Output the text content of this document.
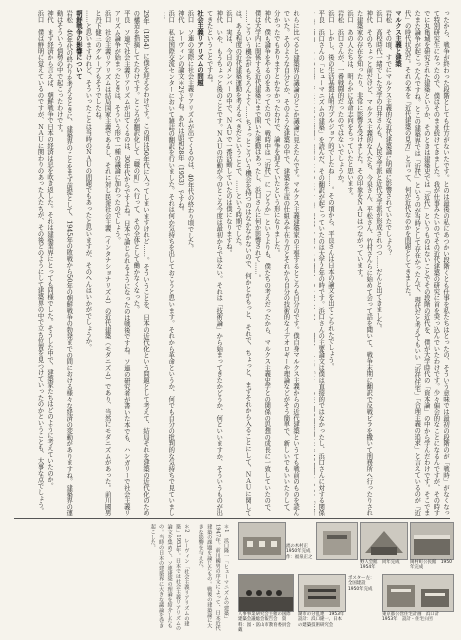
ったから、戦争が終わった段階としても仕方がないたです。とのは最後の私にあつかい段階くとも仕事を私たちはとったの、そういう意味では最初の段階のが「戦時」がなくなって特別研究生になったので、僕はそのまま続けてきました。我が仕事みたいのでその近代建築の研究に首を突っ込んでいたわけです。少々偏会的なことになるんですが、その時すでに丸亀城を研究された建築というか、そのときは建築史では「近代」というものはないことでその段階の近代を、僕が大学時代の「資本論」の中から学んだわけです。そこでまたまた論争が起こったんですね。とこの建築界では「近代」というのが当時として存在かったんで、現代だと考えてもいい「近代住宅」「合理主義の追求」と言えているのが「近代」の時代状況だ。それの本を「近代建築の見方」と言って、何が近代なのかを問題としてきました。

マルクス主義と建築

岩松　その頃、すでにマルクス主義的な近代建築論に明確に影響されていたでしょう？

浜口　高校時代一緒でした文学の白井さんも、人民文学派と近代文学派が形成されつつ……だんと出てきました。

神代　そのちょっと前だけど、マルクス主義的な人たち、今泉さん、平松さん、竹村さんらに始めて会って話を聞いて、戦争末期に翻訳で反戦ビラを撒いて刑務所へ行ったりされた建築家の存在を知ったり、非常に影響を受けました。その印象をＮＡＵはつながっています。

浜口　あの人たちは、明らかに革命志向をもっていたと思います。

岩松　浜口さんが、一番戦闘的だったのではないでしょうか。

浜口　しかし、後の生活基盤は明方プルジョア的でしたね……。その頃から、平良さんは日本の論文を出てこられたでしょう。

平良　浜口さんの「ヒューマニズムの建築」を読んだ、その翻訳が起こっていたのは大学２年の時です。浜口さんの主要論文は僕は直接的ではなかったし、浜口さんに対する関係

れらに比べると建築界の議論のどこか議論に見えたんです。マルクス主義建築家の主張するところも自分のです。僕自身マルクス主義からの近代建築というても戦前のものを読んでいた。そのような自分とか、そのような建築の中で、建築を生産の仕組みや在り方とそれから自分の技術的なイデオロギーや理論などがそう簡単で、新しいでもいいたりして、分かったでもありますとかなかったわけで、論争を迎えていたという形になりました。

神代　僕も論争をやるのをあってたので、戦時中は「近代」に「どうか」というよりも、僕たちの考えだったから、マルクス主義史学との関係の思想の成長に一致していたので、僕は大学内に関係する近代建築にまで開いた運動はあったし、浜口さんに何か影響されて……。

……こういう機会がもちろんよく……ちょっとこういう機会を持つのはなかなかないので、何かとかもっと、それで、ちょっと、まずそれから入ることにして、ＮＡＵに関しては、ある程度の近代建築運動を考えるべきだということで、……という時期でした。

浜口　実は、今日のメンバーの中で、ＮＡＵで一番活動していたのは僕になりますね。

神代　いや、もうちょっと後のことです。ＮＡＵの活動が今のところ今度は最初からではない。それは「技術論」から始まってきたかどうか、何といいますか、そういうものが出てきたということですね。

社会主義リアリズムの問題

浜口　ソ連の実際に社会主義リアリズムが出てくるのは、40年代の終わり頃でした。

神代　レーヴィンの論文＊2ですね。あれは昭和28年（1953）ですね。

浜口　私は国際交流センターにおいて雑誌の翻訳を行いました。それは何か気持ちを出しておこうと思います。それから革命というか、何でも自分の批判的な気持ちで見ていまし

29年（1954）に僕を迎えるわけです。この頃は50年代に入ってしまいますけれど……。そういうことを、日本の近代化という問題として考えて、結局それを建築の近代化のための構造を指摘してたわけです。ところが翻訳化して「職の町」へ行って、その全体として働かなくなった。

平良　ソ連で社会主義リアリズムが出てくるのは、30年代からですよね。日本で論じられるようになったのは戦後ですね。ソ連の研究者が書いた本でも、ハンガリーで社会主義リアリズム論争が始まったときは、そういう形で一種の議論に加わったのでしょう。

浜口　社会主義リアリズムは結局国家主義であるし、それに対し民衆社会主義（インタナショナリズム）の近代建築（モダニズム）であり、当然にモダニズムがあった。前川國男と丹下健三のグループもそうでしたね。

……と思いますけれど、そういったことは当時のＮＡＵの問題でもあったと思いますが、そのへんはいかがでしょうか。

朝鮮戦争の影響について

岩松　40年代の終わりを考えるときに、建築界のことをまず前提として、1945年の敗戦から50年の朝鮮戦争の勃発までの間における様々な経済の変動がありますね。建築界の運動はそういう情勢の中で起こったわけです。

神代　まず経済から言えば、朝鮮戦争で日本の経済は息を吹き返した。それは建築業界にとっても同様でした。そうした中で、建築家たちはどのように考えていたのか。

浜口　僕は鮮明に覚えているのですが、ＮＡＵに関わりのあった人たちが、その後どのようにして建築界の中で立ち位置を見つけていったのかということも、大事な点でしょう。

＊1　浜口隆一「ヒューマニズムの建築」1947年。前川國男の序文によって、日本近代建築の課題を論じたもの。戦後の建築論に大きな影響を与えた。

＊2　レーヴィン「社会主義リアリズムの建築」1953年。日本では社会主義リアリズムの論文を集めて、ソ連建築の理論を紹介したもの。当時の日本の建築界に大きな議論を巻き起こした。	流の木村正　1950年完成　作：福泉正之
野人会館　同年完成　1954年
岡村町公民館　1950年完成
人事事業研究会主催の国際建築会議総会報告会　資料：図・富山市教育委員会蔵
湖市の分乱連　1953年　設計：浜口隆一、日本の建築技術研究会
ポスター左：全国建設　1950年完成
東京都公営住宅計画　浜口計　1953年　設計・住宅公団
